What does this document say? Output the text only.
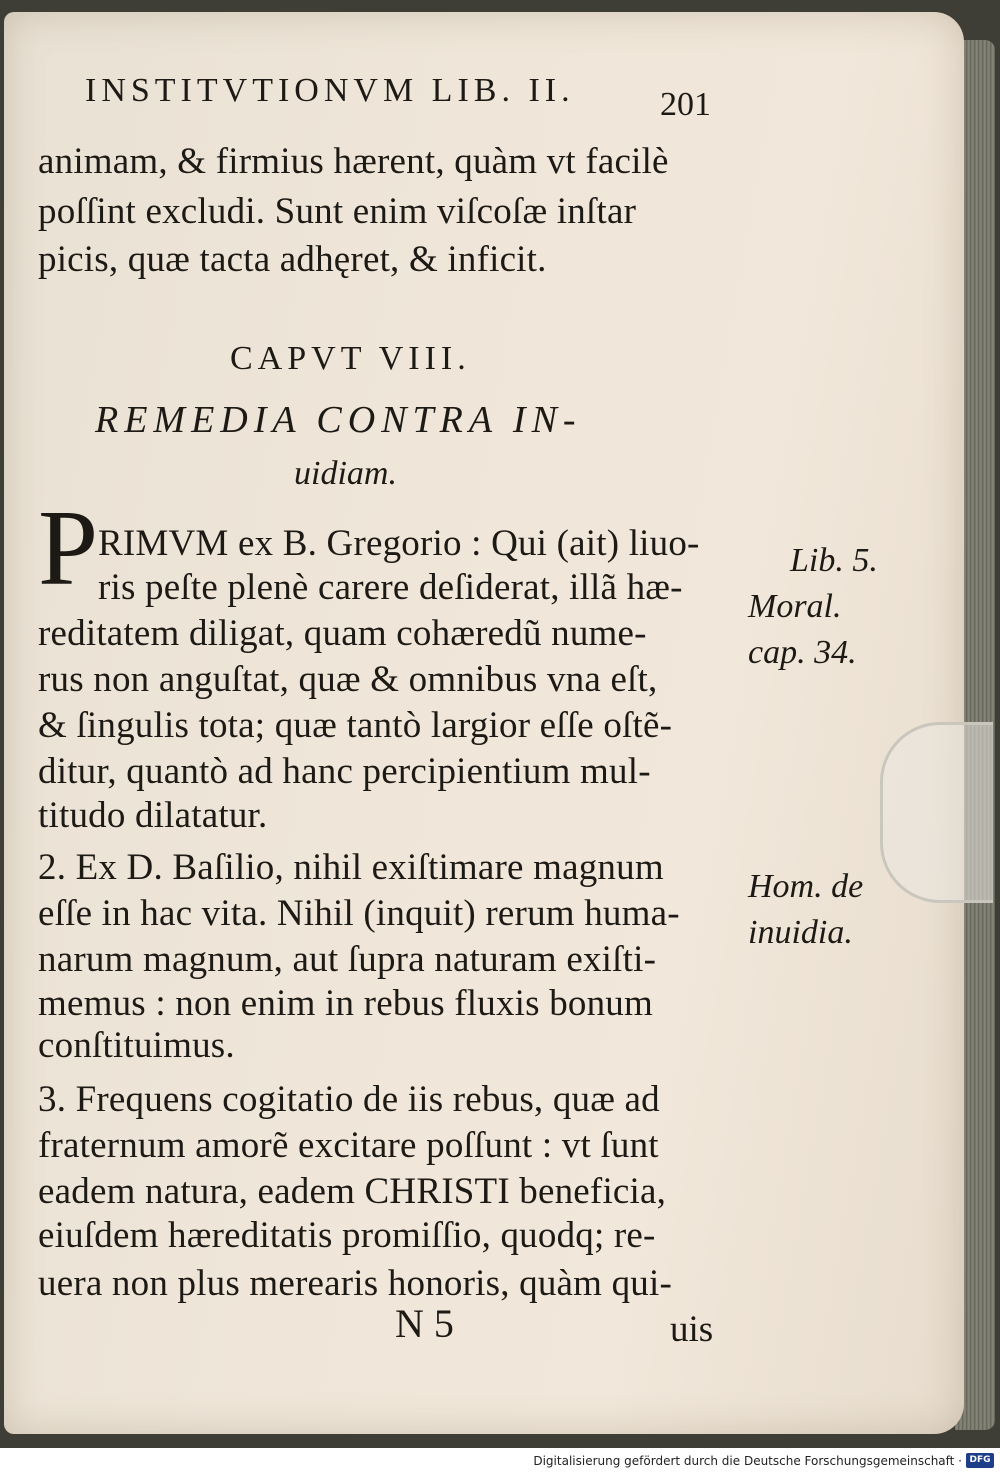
INSTITVTIONVM LIB. II.	201
animam, & firmius hærent, quàm vt facilè
poſſint excludi. Sunt enim viſcoſæ inſtar
picis, quæ tacta adhęret, & inficit.
CAPVT VIII.
REMEDIA CONTRA IN-
uidiam.
P RIMVM ex B. Gregorio : Qui (ait) liuo-
ris peſte plenè carere deſiderat, illã hæ-
reditatem diligat, quam cohæredũ nume-
rus non anguſtat, quæ & omnibus vna eſt,
& ſingulis tota; quæ tantò largior eſſe oſtẽ-
ditur, quantò ad hanc percipientium mul-
titudo dilatatur.
2. Ex D. Baſilio, nihil exiſtimare magnum
eſſe in hac vita. Nihil (inquit) rerum huma-
narum magnum, aut ſupra naturam exiſti-
memus : non enim in rebus fluxis bonum
conſtituimus.
3. Frequens cogitatio de iis rebus, quæ ad
fraternum amorẽ excitare poſſunt : vt ſunt
eadem natura, eadem CHRISTI beneficia,
eiuſdem hæreditatis promiſſio, quodq; re-
uera non plus merearis honoris, quàm qui-
Lib. 5.
Moral.
cap. 34.
Hom. de
inuidia.
N 5	uis
Digitalisierung gefördert durch die Deutsche Forschungsgemeinschaft · DFG
